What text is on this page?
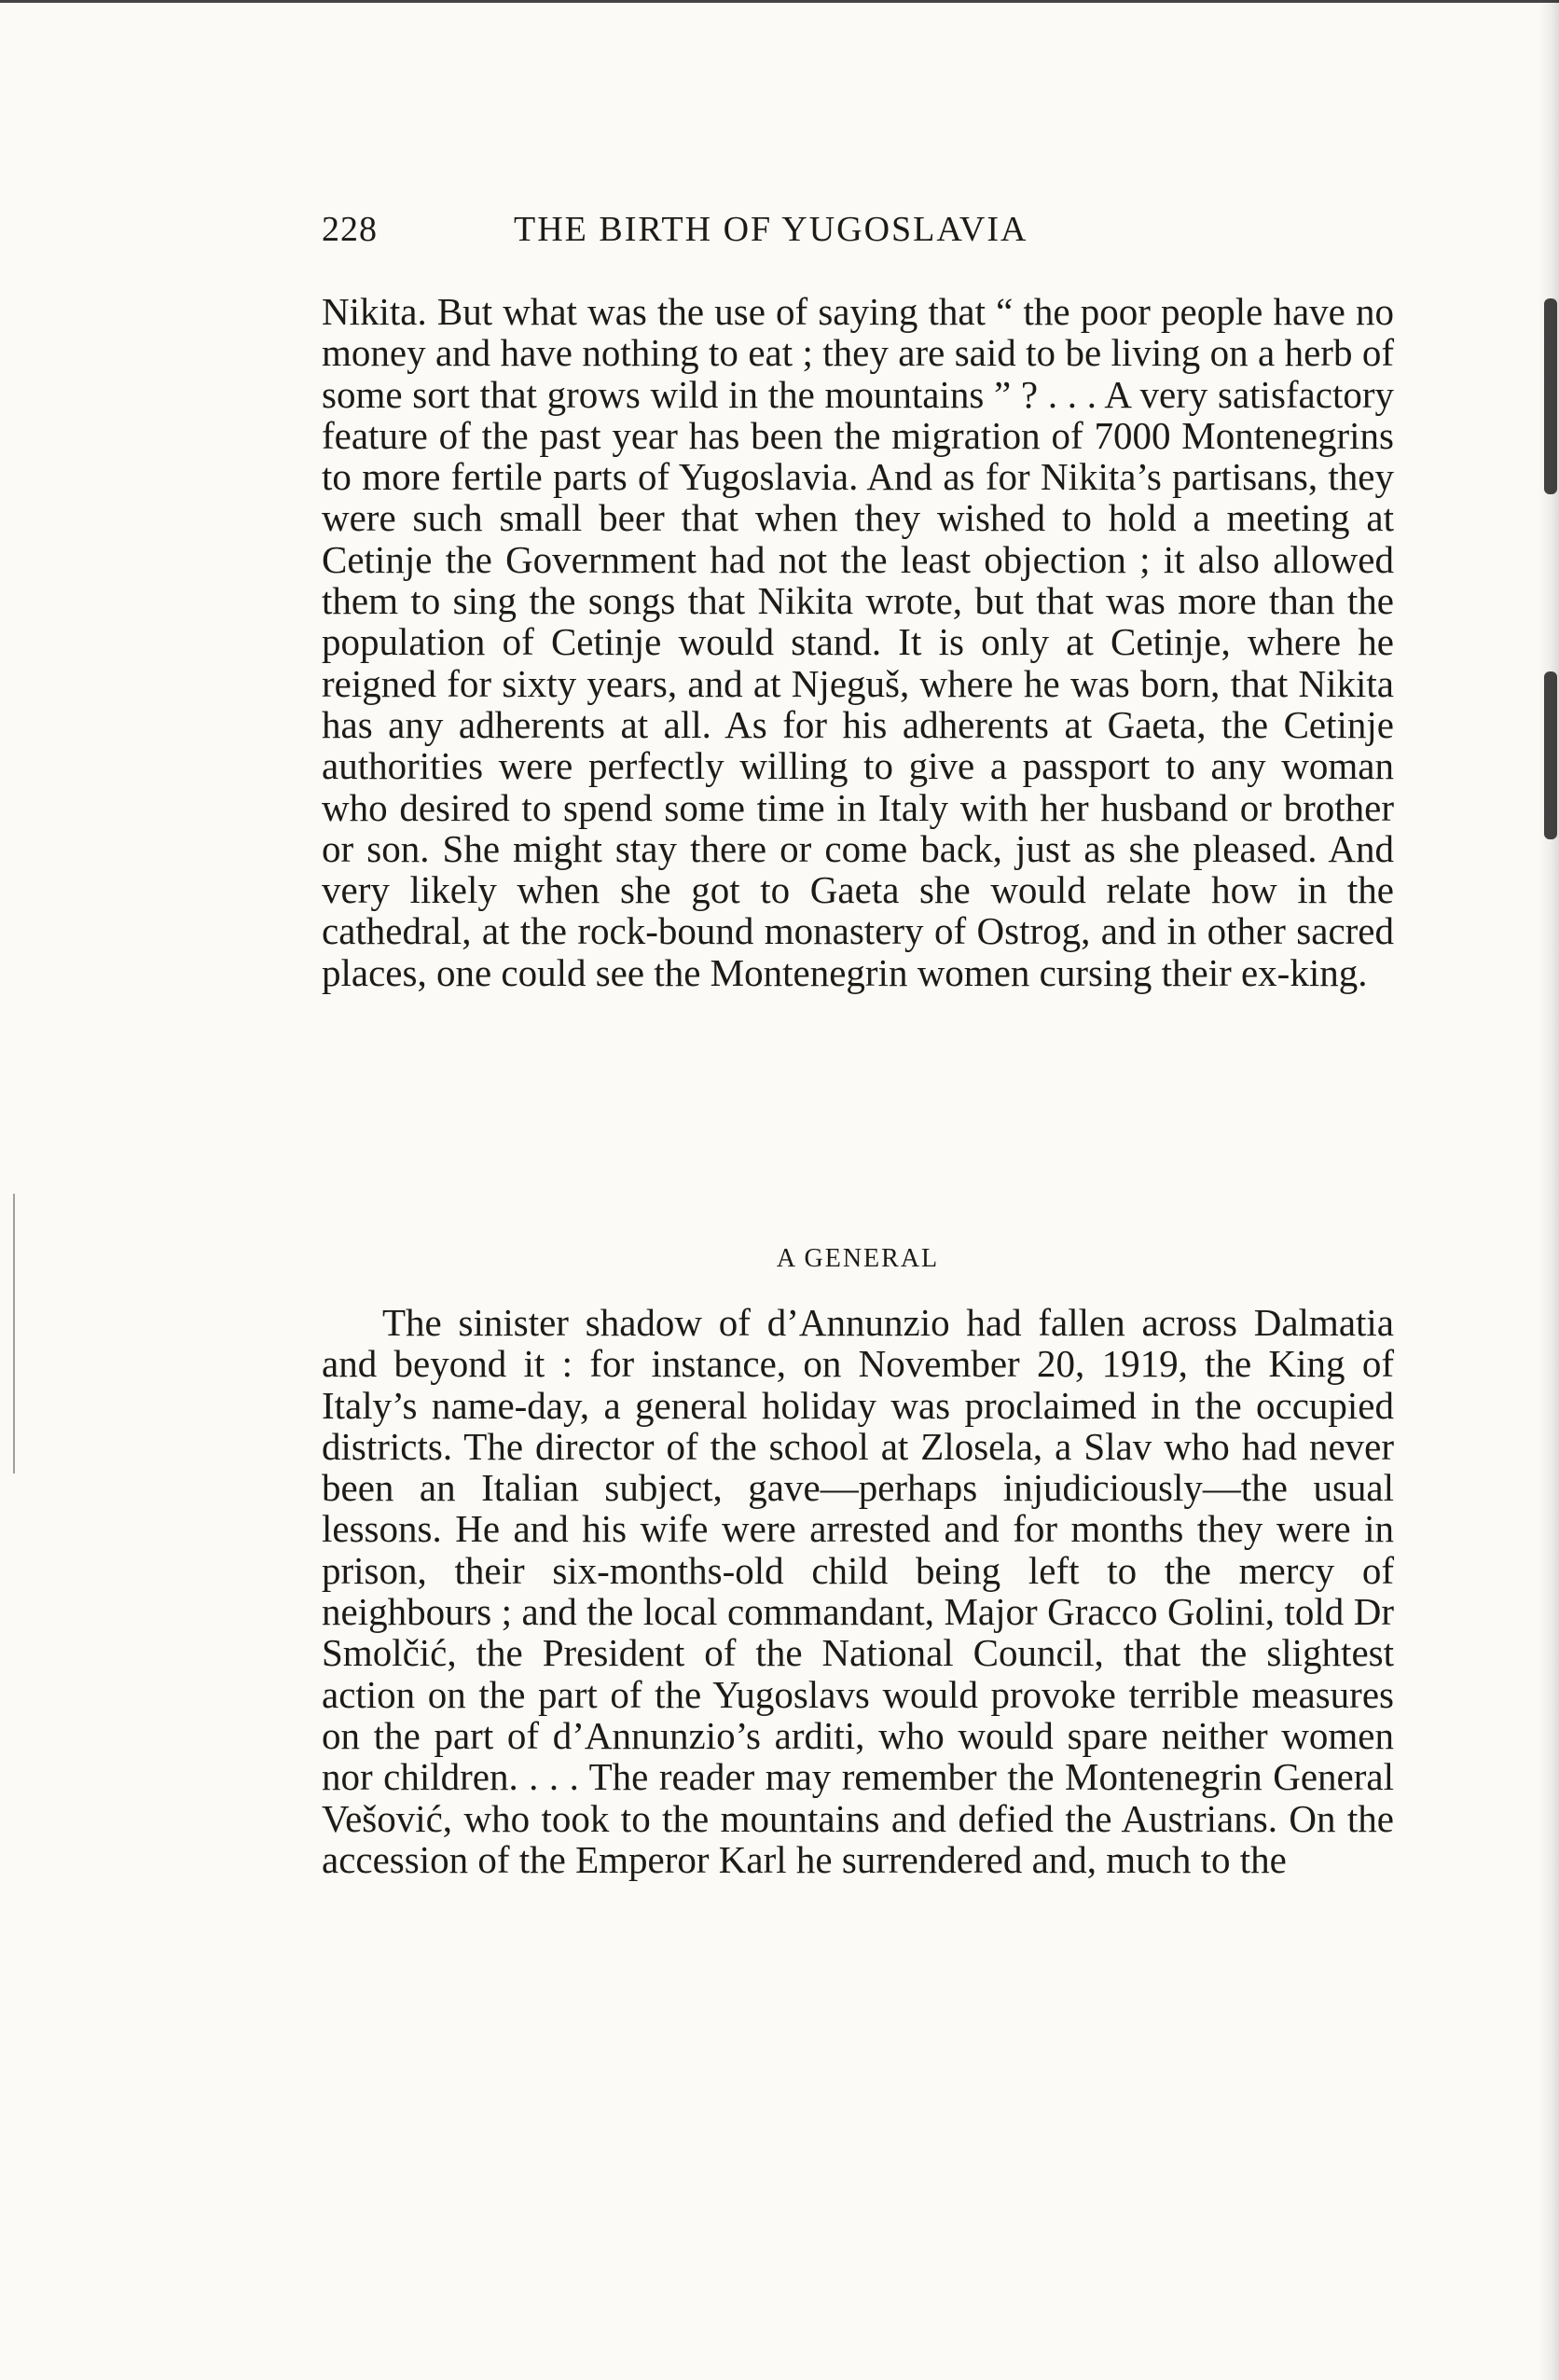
228	THE BIRTH OF YUGOSLAVIA

Nikita. But what was the use of saying that “ the poor people have no money and have nothing to eat ; they are said to be living on a herb of some sort that grows wild in the mountains ” ? . . . A very satisfactory feature of the past year has been the migration of 7000 Montenegrins to more fertile parts of Yugoslavia. And as for Nikita’s partisans, they were such small beer that when they wished to hold a meeting at Cetinje the Government had not the least objection ; it also allowed them to sing the songs that Nikita wrote, but that was more than the population of Cetinje would stand. It is only at Cetinje, where he reigned for sixty years, and at Njeguš, where he was born, that Nikita has any adherents at all. As for his adherents at Gaeta, the Cetinje authorities were perfectly willing to give a passport to any woman who desired to spend some time in Italy with her husband or brother or son. She might stay there or come back, just as she pleased. And very likely when she got to Gaeta she would relate how in the cathedral, at the rock-bound monastery of Ostrog, and in other sacred places, one could see the Montenegrin women cursing their ex-king.

A GENERAL

The sinister shadow of d’Annunzio had fallen across Dalmatia and beyond it : for instance, on November 20, 1919, the King of Italy’s name-day, a general holiday was proclaimed in the occupied districts. The director of the school at Zlosela, a Slav who had never been an Italian subject, gave—perhaps injudiciously—the usual lessons. He and his wife were arrested and for months they were in prison, their six-months-old child being left to the mercy of neighbours ; and the local commandant, Major Gracco Golini, told Dr Smolčić, the President of the National Council, that the slightest action on the part of the Yugoslavs would provoke terrible measures on the part of d’Annunzio’s arditi, who would spare neither women nor children. . . . The reader may remember the Montenegrin General Vešović, who took to the mountains and defied the Austrians. On the accession of the Emperor Karl he surrendered and, much to the
